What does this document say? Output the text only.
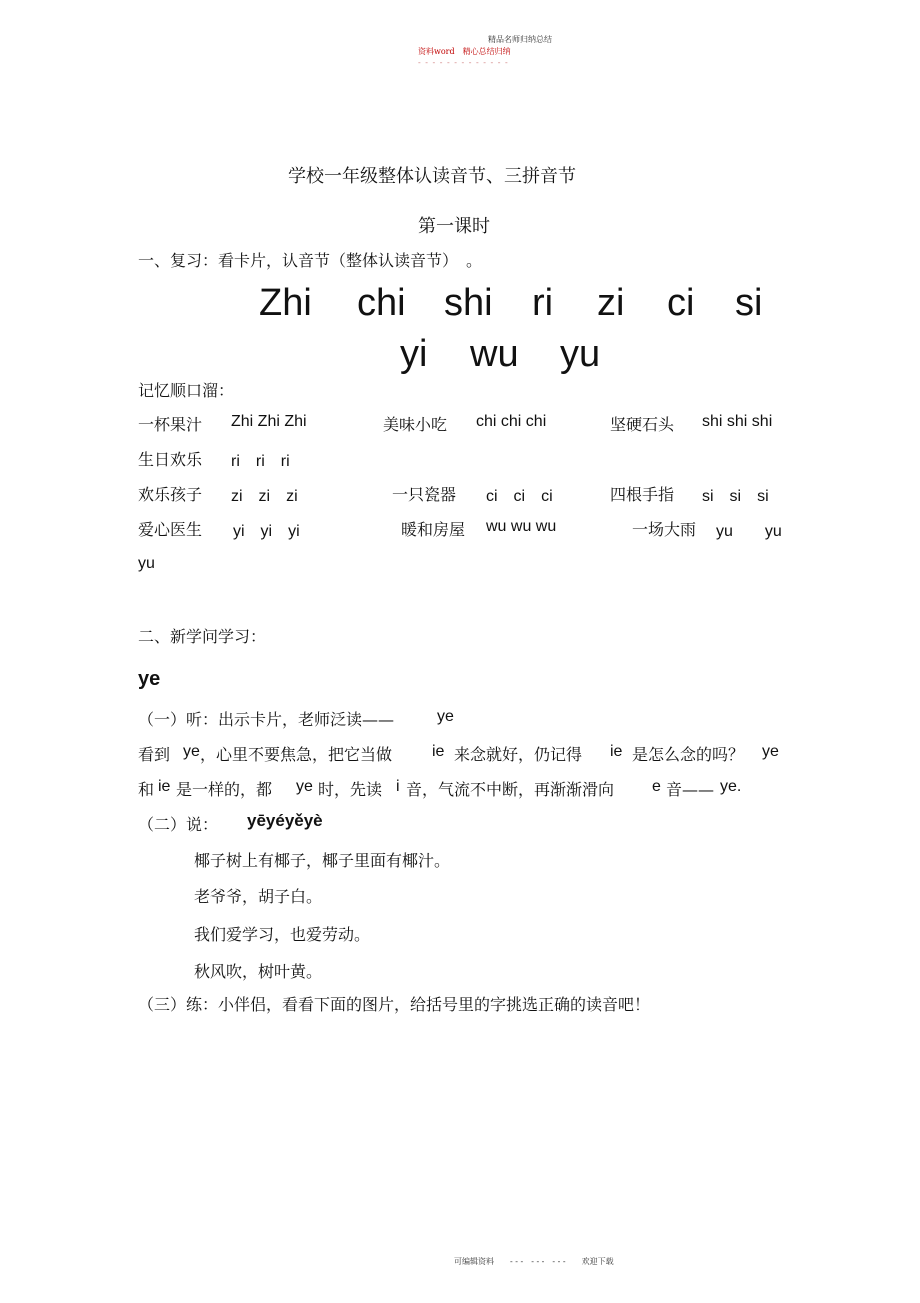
精品名师归纳总结
资料word　精心总结归纳
- - - - - - - - - - - - -
学校一年级整体认读音节、三拼音节
第一课时
一、复习：看卡片，认音节（整体认读音节）　。
Zhi chi shi ri zi ci si
yi wu yu
记忆顺口溜：
一杯果汁 Zhi Zhi Zhi	美味小吃 chi chi chi	坚硬石头 shi shi shi
生日欢乐 ri　ri　ri
欢乐孩子 zi　zi　zi	一只瓷器 ci　ci　ci	四根手指 si　si　si
爱心医生 yi　yi　yi	暖和房屋 wu wu wu	一场大雨 yu　　yu
yu
二、新学问学习：
ye
（一）听：出示卡片，老师泛读——	ye
看到 ye ，心里不要焦急，把它当做 ie 来念就好，仍记得 ie 是怎么念的吗？ ye
和 ie 是一样的，都 ye 时，先读 i 音，气流不中断，再渐渐滑向 e 音—— ye.
（二）说： yēyéyěyè
椰子树上有椰子，椰子里面有椰汁。
老爷爷，胡子白。
我们爱学习，也爱劳动。
秋风吹，树叶黄。
（三）练：小伴侣，看看下面的图片，给括号里的字挑选正确的读音吧！
可编辑资料　　- - -　- - -　- - -　　欢迎下载
